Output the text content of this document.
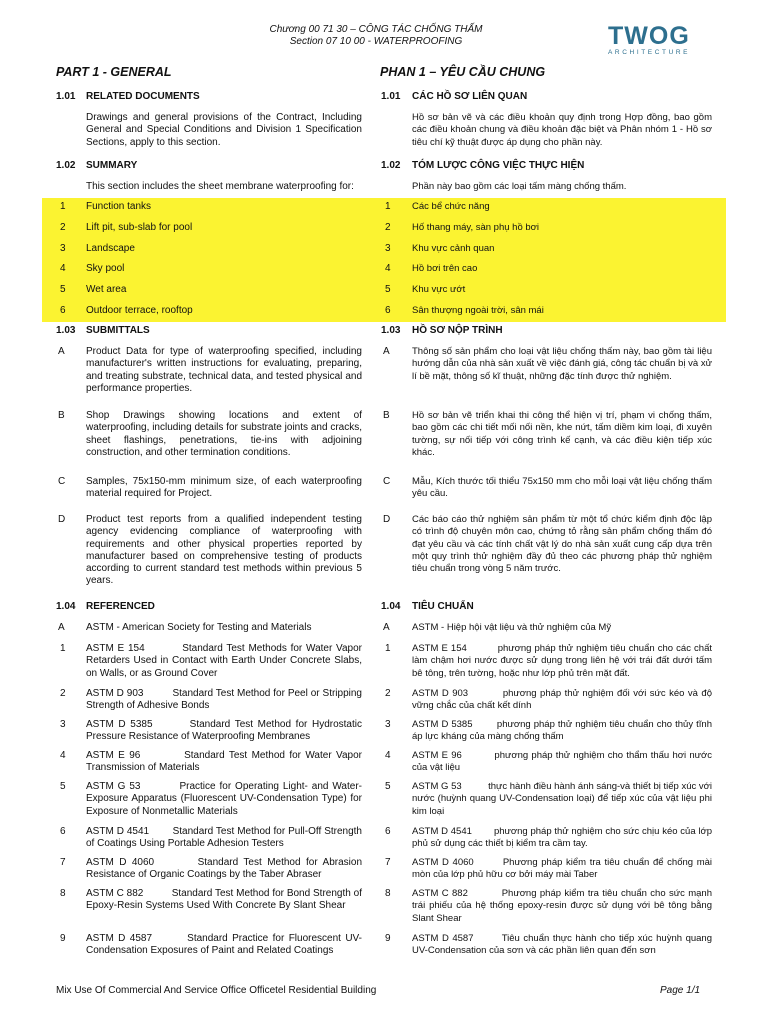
Chương 00 71 30 – CÔNG TÁC CHỐNG THẤM
Section 07 10 00 - WATERPROOFING	TWOG
ARCHITECTURE
PART 1 - GENERAL	PHAN 1 – YÊU CẦU CHUNG
1.01 RELATED DOCUMENTS	1.01 CÁC HỒ SƠ LIÊN QUAN
Drawings and general provisions of the Contract, Including General and Special Conditions and Division 1 Specification Sections, apply to this section.
Hồ sơ bản vẽ và các điều khoản quy định trong Hợp đồng, bao gồm các điều khoản chung và điều khoản đặc biệt và Phân nhóm 1 - Hồ sơ tiêu chí kỹ thuật được áp dụng cho phần này.
1.02 SUMMARY	1.02 TÓM LƯỢC CÔNG VIỆC THỰC HIỆN
This section includes the sheet membrane waterproofing for:	Phần này bao gồm các loại tấm màng chống thấm.
1 Function tanks	1 Các bể chức năng
2 Lift pit, sub-slab for pool	2 Hố thang máy, sàn phụ hồ bơi
3 Landscape	3 Khu vực cảnh quan
4 Sky pool	4 Hồ bơi trên cao
5 Wet area	5 Khu vực ướt
6 Outdoor terrace, rooftop	6 Sân thượng ngoài trời, sân mái
1.03 SUBMITTALS	1.03 HỒ SƠ NỘP TRÌNH
A Product Data for type of waterproofing specified, including manufacturer's written instructions for evaluating, preparing, and treating substrate, technical data, and tested physical and performance properties.
A Thông số sản phẩm cho loại vật liệu chống thấm này, bao gồm tài liệu hướng dẫn của nhà sản xuất về việc đánh giá, công tác chuẩn bị và xử lí bề mặt, thông số kĩ thuật, những đặc tính được thử nghiệm.
B Shop Drawings showing locations and extent of waterproofing, including details for substrate joints and cracks, sheet flashings, penetrations, tie-ins with adjoining construction, and other termination conditions.
B Hồ sơ bản vẽ triển khai thi công thể hiện vị trí, phạm vi chống thấm, bao gồm các chi tiết mối nối nền, khe nứt, tấm diềm kim loại, đi xuyên tường, sự nối tiếp với công trình kế cạnh, và các điều kiện tiếp xúc khác.
C Samples, 75x150-mm minimum size, of each waterproofing material required for Project.
C Mẫu, Kích thước tối thiểu 75x150 mm cho mỗi loại vật liệu chống thấm yêu cầu.
D Product test reports from a qualified independent testing agency evidencing compliance of waterproofing with requirements and other physical properties reported by manufacturer based on comprehensive testing of products according to current standard test methods within previous 5 years.
D Các báo cáo thử nghiệm sản phẩm từ một tổ chức kiểm định độc lập có trình độ chuyên môn cao, chứng tỏ rằng sản phẩm chống thấm đó đạt yêu cầu và các tính chất vật lý do nhà sản xuất cung cấp dựa trên một quy trình thử nghiệm đầy đủ theo các phương pháp thử nghiệm tiêu chuẩn trong vòng 5 năm trước.
1.04 REFERENCED	1.04 TIÊU CHUẨN
A ASTM - American Society for Testing and Materials	A ASTM - Hiệp hội vật liệu và thử nghiệm của Mỹ
1 ASTM E 154          Standard Test Methods for Water Vapor Retarders Used in Contact with Earth Under Concrete Slabs, on Walls, or as Ground Cover
1 ASTM E 154          phương pháp thử nghiệm tiêu chuẩn cho các chất làm chậm hơi nước được sử dụng trong liên hệ với trái đất dưới tấm bê tông, trên tường, hoặc như lớp phủ trên mặt đất.
2 ASTM D 903          Standard Test Method for Peel or Stripping Strength of Adhesive Bonds
2 ASTM D 903          phương pháp thử nghiệm đối với sức kéo và độ vững chắc của chất kết dính
3 ASTM D 5385        Standard Test Method for Hydrostatic Pressure Resistance of Waterproofing Membranes
3 ASTM D 5385        phương pháp thử nghiệm tiêu chuẩn cho thủy tĩnh áp lực kháng của màng chống thấm
4 ASTM E 96          Standard Test Method for Water Vapor Transmission of Materials
4 ASTM E 96          phương pháp thử nghiệm cho thẩm thấu hơi nước của vật liệu
5 ASTM G 53          Practice for Operating Light- and Water-Exposure Apparatus (Fluorescent UV-Condensation Type) for Exposure of Nonmetallic Materials
5 ASTM G 53          thực hành điều hành ánh sáng-và thiết bị tiếp xúc với nước (huỳnh quang UV-Condensation loại) để tiếp xúc của vật liệu phi kim loại
6 ASTM D 4541        Standard Test Method for Pull-Off Strength of Coatings Using Portable Adhesion Testers
6 ASTM D 4541        phương pháp thử nghiệm cho sức chịu kéo của lớp phủ sử dụng các thiết bị kiểm tra cầm tay.
7 ASTM D 4060        Standard Test Method for Abrasion Resistance of Organic Coatings by the Taber Abraser
7 ASTM D 4060        Phương pháp kiểm tra tiêu chuẩn để chống mài mòn của lớp phủ hữu cơ bởi máy mài Taber
8 ASTM C 882          Standard Test Method for Bond Strength of Epoxy-Resin Systems Used With Concrete By Slant Shear
8 ASTM C 882          Phương pháp kiểm tra tiêu chuẩn cho sức mạnh trái phiếu của hệ thống epoxy-resin được sử dụng với bê tông bằng Slant Shear
9 ASTM D 4587        Standard Practice for Fluorescent UV-Condensation Exposures of Paint and Related Coatings
9 ASTM D 4587        Tiêu chuẩn thực hành cho tiếp xúc huỳnh quang UV-Condensation của sơn và các phần liên quan đến sơn
Mix Use Of Commercial And Service Office Officetel Residential Building	Page 1/1
